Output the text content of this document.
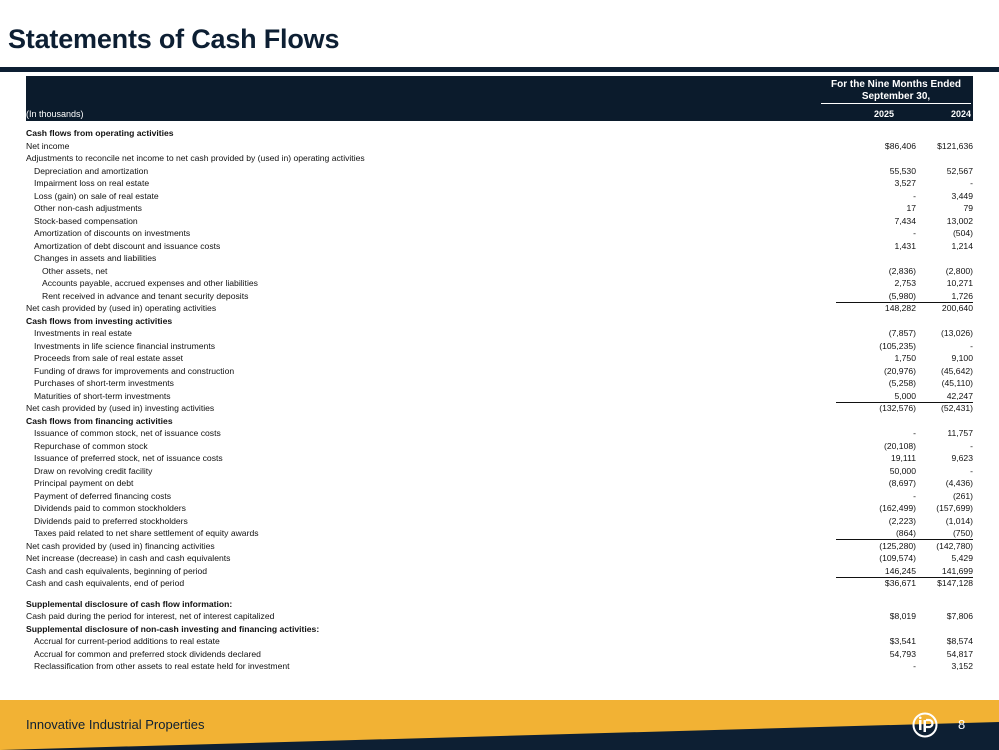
Statements of Cash Flows
For the Nine Months Ended
September 30,
(In thousands)	2025	2024
Cash flows from operating activities
Net income	$86,406	$121,636
Adjustments to reconcile net income to net cash provided by (used in) operating activities
Depreciation and amortization	55,530	52,567
Impairment loss on real estate	3,527	-
Loss (gain) on sale of real estate	-	3,449
Other non-cash adjustments	17	79
Stock-based compensation	7,434	13,002
Amortization of discounts on investments	-	(504)
Amortization of debt discount and issuance costs	1,431	1,214
Changes in assets and liabilities
Other assets, net	(2,836)	(2,800)
Accounts payable, accrued expenses and other liabilities	2,753	10,271
Rent received in advance and tenant security deposits	(5,980)	1,726
Net cash provided by (used in) operating activities	148,282	200,640
Cash flows from investing activities
Investments in real estate	(7,857)	(13,026)
Investments in life science financial instruments	(105,235)	-
Proceeds from sale of real estate asset	1,750	9,100
Funding of draws for improvements and construction	(20,976)	(45,642)
Purchases of short-term investments	(5,258)	(45,110)
Maturities of short-term investments	5,000	42,247
Net cash provided by (used in) investing activities	(132,576)	(52,431)
Cash flows from financing activities
Issuance of common stock, net of issuance costs	-	11,757
Repurchase of common stock	(20,108)	-
Issuance of preferred stock, net of issuance costs	19,111	9,623
Draw on revolving credit facility	50,000	-
Principal payment on debt	(8,697)	(4,436)
Payment of deferred financing costs	-	(261)
Dividends paid to common stockholders	(162,499)	(157,699)
Dividends paid to preferred stockholders	(2,223)	(1,014)
Taxes paid related to net share settlement of equity awards	(864)	(750)
Net cash provided by (used in) financing activities	(125,280)	(142,780)
Net increase (decrease) in cash and cash equivalents	(109,574)	5,429
Cash and cash equivalents, beginning of period	146,245	141,699
Cash and cash equivalents, end of period	$36,671	$147,128
Supplemental disclosure of cash flow information:
Cash paid during the period for interest, net of interest capitalized	$8,019	$7,806
Supplemental disclosure of non-cash investing and financing activities:
Accrual for current-period additions to real estate	$3,541	$8,574
Accrual for common and preferred stock dividends declared	54,793	54,817
Reclassification from other assets to real estate held for investment	-	3,152
Innovative Industrial Properties	8
